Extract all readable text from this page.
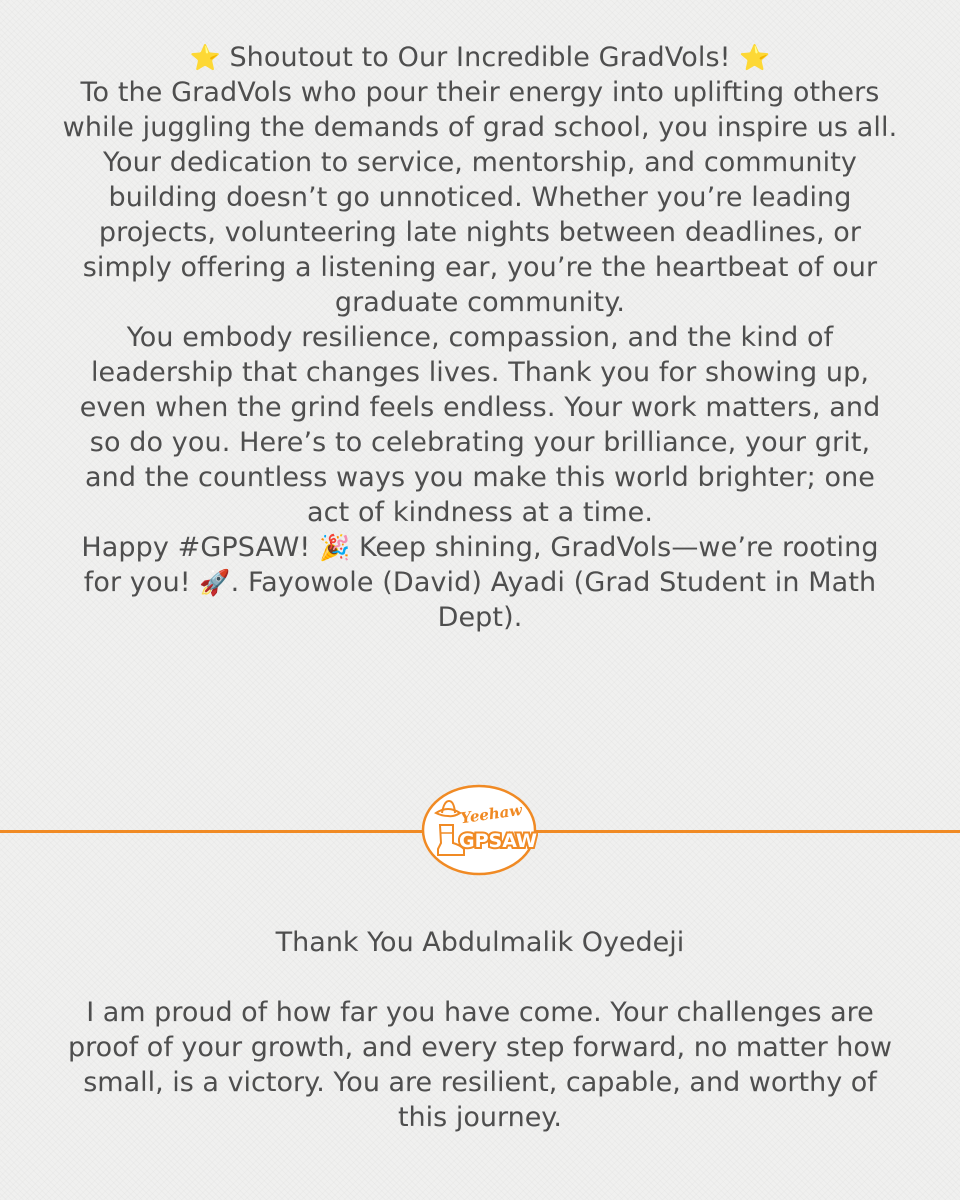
⭐ Shoutout to Our Incredible GradVols! ⭐

To the GradVols who pour their energy into uplifting others while juggling the demands of grad school, you inspire us all. Your dedication to service, mentorship, and community building doesn’t go unnoticed. Whether you’re leading projects, volunteering late nights between deadlines, or simply offering a listening ear, you’re the heartbeat of our graduate community.

You embody resilience, compassion, and the kind of leadership that changes lives. Thank you for showing up, even when the grind feels endless. Your work matters, and so do you. Here’s to celebrating your brilliance, your grit, and the countless ways you make this world brighter; one act of kindness at a time.

Happy #GPSAW! 🎉 Keep shining, GradVols—we’re rooting for you! 🚀. Fayowole (David) Ayadi (Grad Student in Math Dept).

Yeehaw
GPSAW

Thank You Abdulmalik Oyedeji

I am proud of how far you have come. Your challenges are proof of your growth, and every step forward, no matter how small, is a victory. You are resilient, capable, and worthy of this journey.
